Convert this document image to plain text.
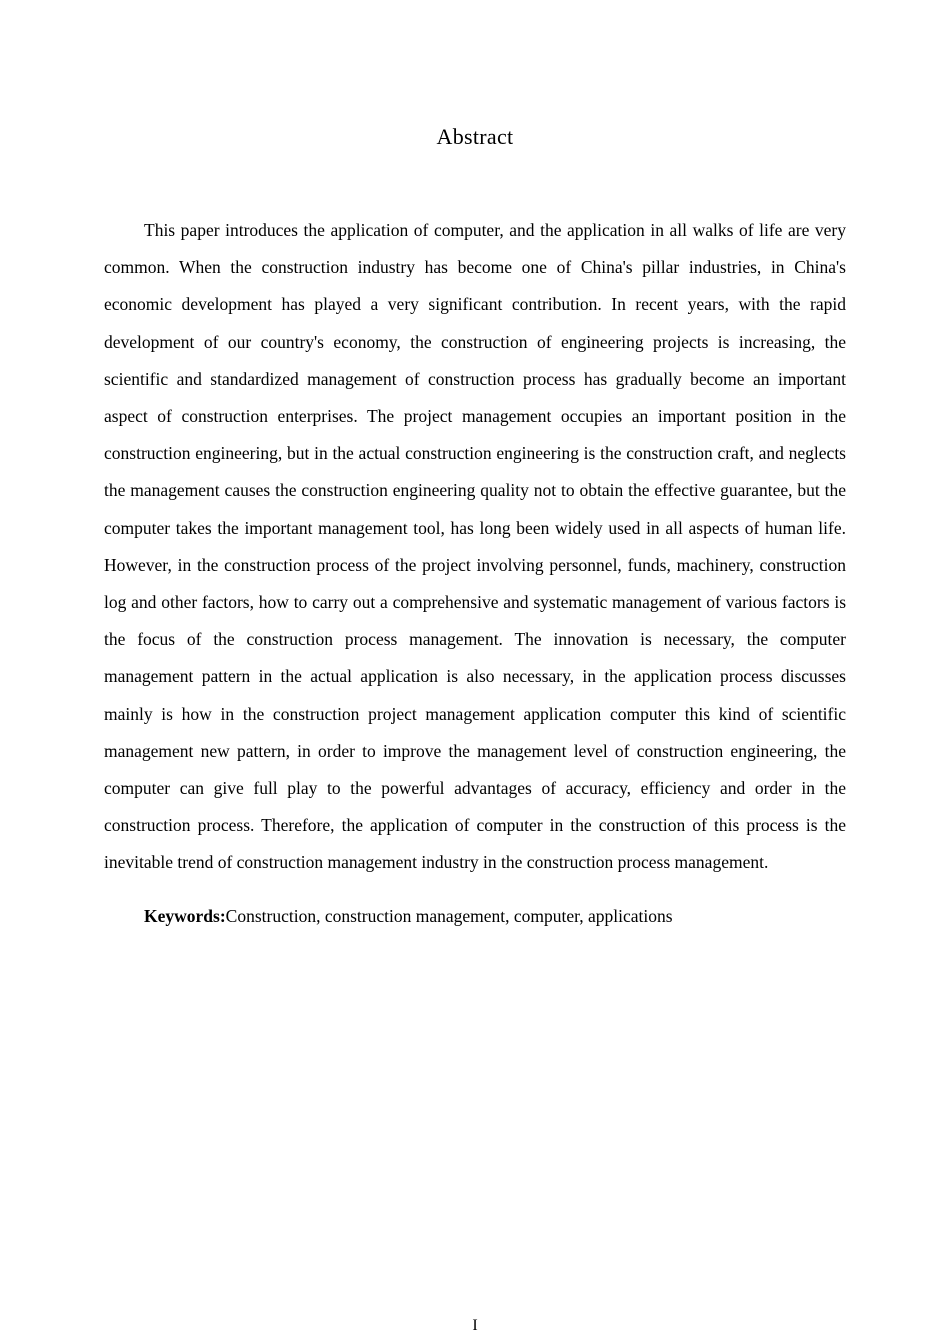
Abstract

This paper introduces the application of computer, and the application in all walks of life are very common. When the construction industry has become one of China's pillar industries, in China's economic development has played a very significant contribution. In recent years, with the rapid development of our country's economy, the construction of engineering projects is increasing, the scientific and standardized management of construction process has gradually become an important aspect of construction enterprises. The project management occupies an important position in the construction engineering, but in the actual construction engineering is the construction craft, and neglects the management causes the construction engineering quality not to obtain the effective guarantee, but the computer takes the important management tool, has long been widely used in all aspects of human life. However, in the construction process of the project involving personnel, funds, machinery, construction log and other factors, how to carry out a comprehensive and systematic management of various factors is the focus of the construction process management. The innovation is necessary, the computer management pattern in the actual application is also necessary, in the application process discusses mainly is how in the construction project management application computer this kind of scientific management new pattern, in order to improve the management level of construction engineering, the computer can give full play to the powerful advantages of accuracy, efficiency and order in the construction process. Therefore, the application of computer in the construction of this process is the inevitable trend of construction management industry in the construction process management.

Keywords:Construction, construction management, computer, applications

I
